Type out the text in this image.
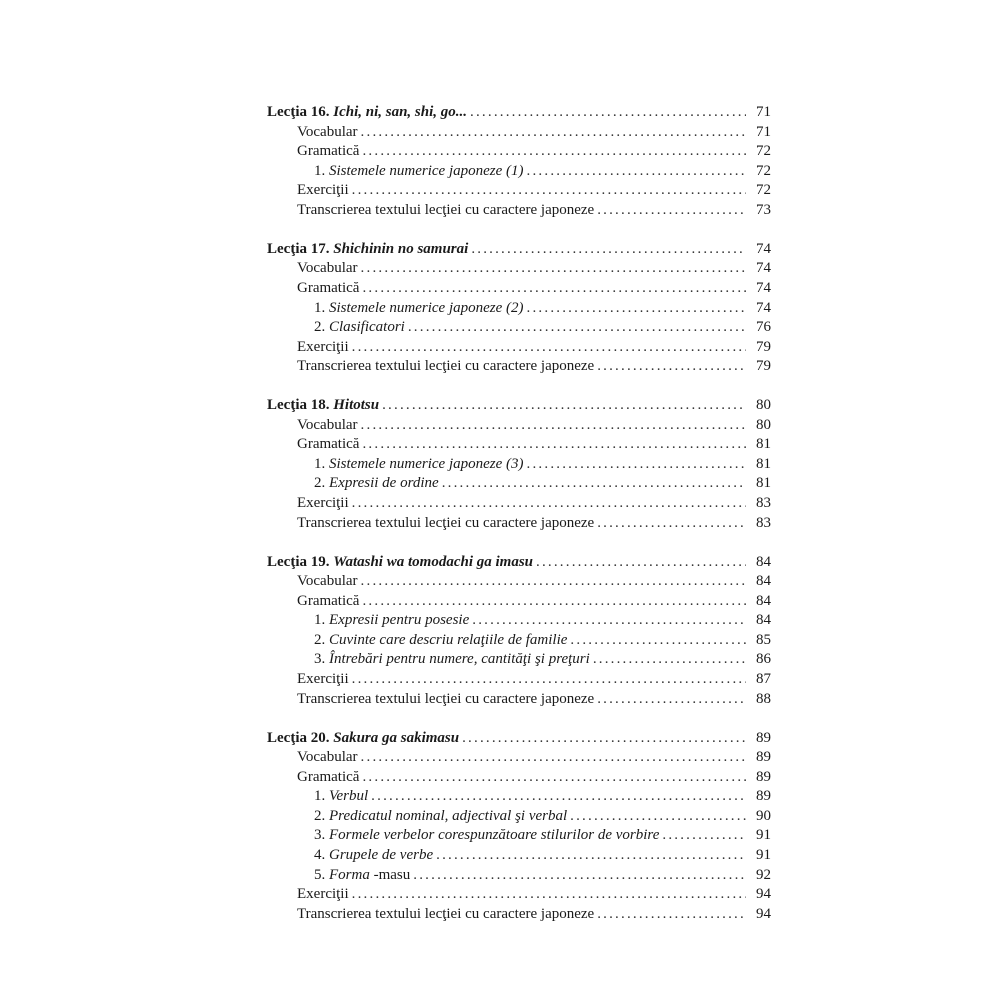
Lecţia 16. Ichi, ni, san, shi, go... .....	71
Vocabular .....	71
Gramatică .....	72
1. Sistemele numerice japoneze (1) .....	72
Exerciţii .....	72
Transcrierea textului lecţiei cu caractere japoneze .....	73
Lecţia 17. Shichinin no samurai .....	74
Vocabular .....	74
Gramatică .....	74
1. Sistemele numerice japoneze (2) .....	74
2. Clasificatori .....	76
Exerciţii .....	79
Transcrierea textului lecţiei cu caractere japoneze .....	79
Lecţia 18. Hitotsu .....	80
Vocabular .....	80
Gramatică .....	81
1. Sistemele numerice japoneze (3) .....	81
2. Expresii de ordine .....	81
Exerciţii .....	83
Transcrierea textului lecţiei cu caractere japoneze .....	83
Lecţia 19. Watashi wa tomodachi ga imasu .....	84
Vocabular .....	84
Gramatică .....	84
1. Expresii pentru posesie .....	84
2. Cuvinte care descriu relaţiile de familie .....	85
3. Întrebări pentru numere, cantităţi şi preţuri .....	86
Exerciţii .....	87
Transcrierea textului lecţiei cu caractere japoneze .....	88
Lecţia 20. Sakura ga sakimasu .....	89
Vocabular .....	89
Gramatică .....	89
1. Verbul .....	89
2. Predicatul nominal, adjectival şi verbal .....	90
3. Formele verbelor corespunzătoare stilurilor de vorbire .....	91
4. Grupele de verbe .....	91
5. Forma -masu .....	92
Exerciţii .....	94
Transcrierea textului lecţiei cu caractere japoneze .....	94
